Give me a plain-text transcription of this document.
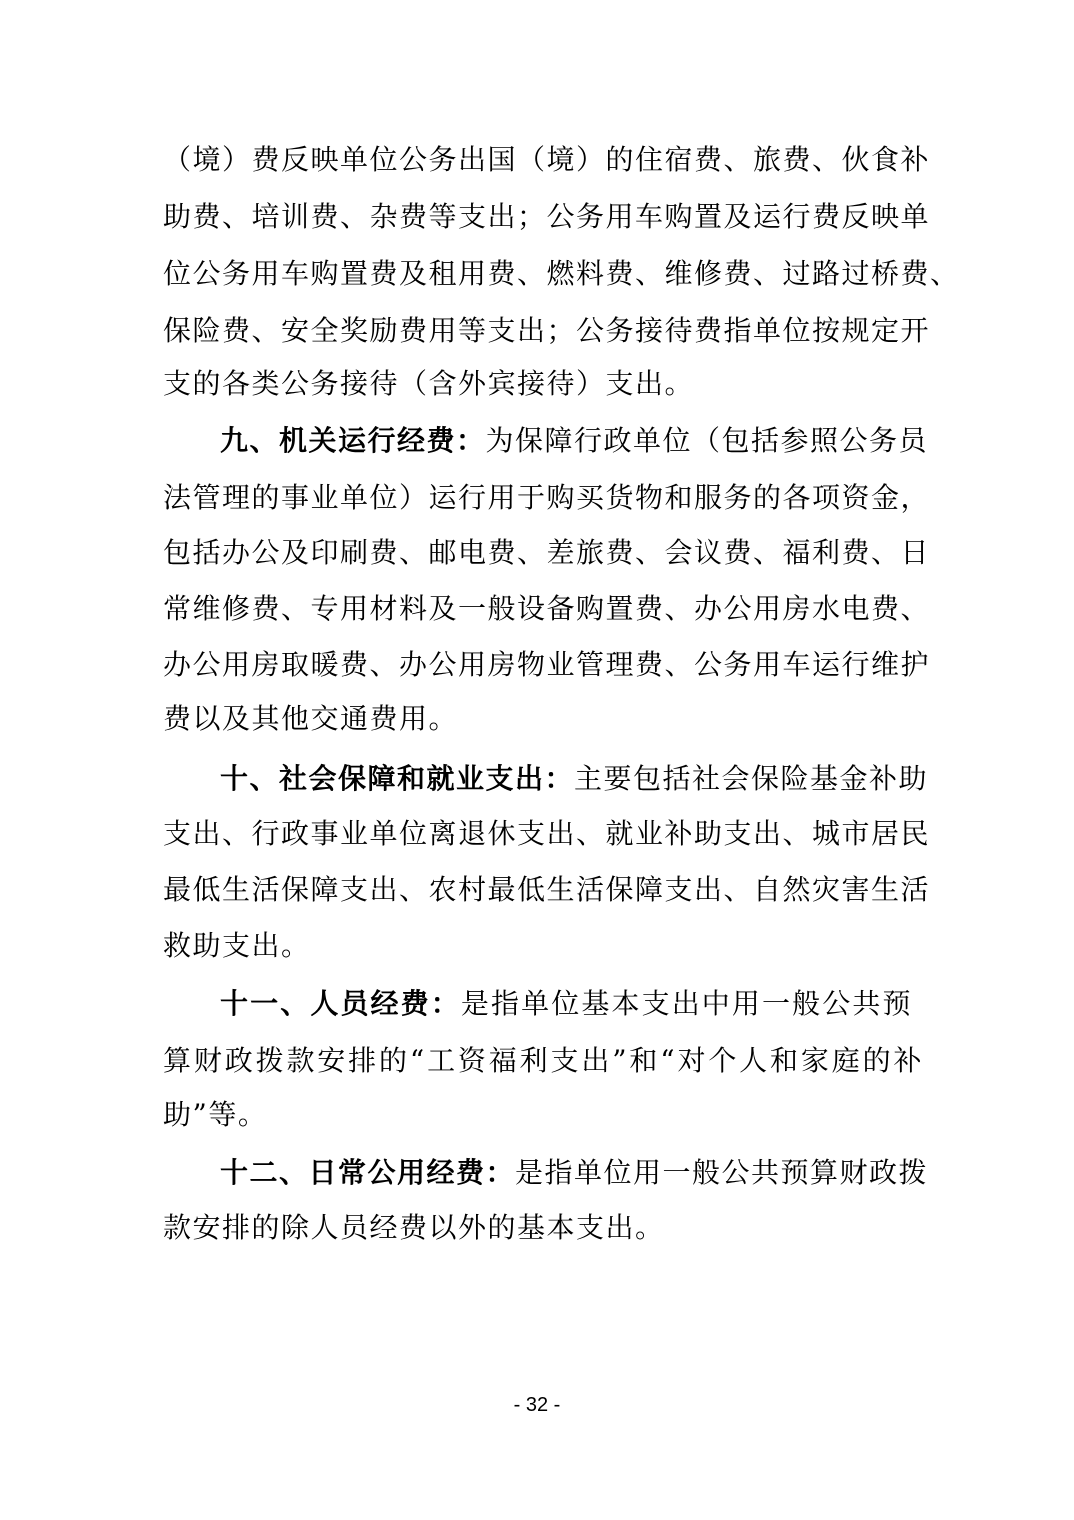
（境）费反映单位公务出国（境）的住宿费、旅费、伙食补
助费、培训费、杂费等支出；公务用车购置及运行费反映单
位公务用车购置费及租用费、燃料费、维修费、过路过桥费、
保险费、安全奖励费用等支出；公务接待费指单位按规定开
支的各类公务接待（含外宾接待）支出。
九、机关运行经费：为保障行政单位（包括参照公务员
法管理的事业单位）运行用于购买货物和服务的各项资金，
包括办公及印刷费、邮电费、差旅费、会议费、福利费、日
常维修费、专用材料及一般设备购置费、办公用房水电费、
办公用房取暖费、办公用房物业管理费、公务用车运行维护
费以及其他交通费用。
十、社会保障和就业支出：主要包括社会保险基金补助
支出、行政事业单位离退休支出、就业补助支出、城市居民
最低生活保障支出、农村最低生活保障支出、自然灾害生活
救助支出。
十一、人员经费：是指单位基本支出中用一般公共预
算财政拨款安排的“工资福利支出”和“对个人和家庭的补
助”等。
十二、日常公用经费：是指单位用一般公共预算财政拨
款安排的除人员经费以外的基本支出。
- 32 -
